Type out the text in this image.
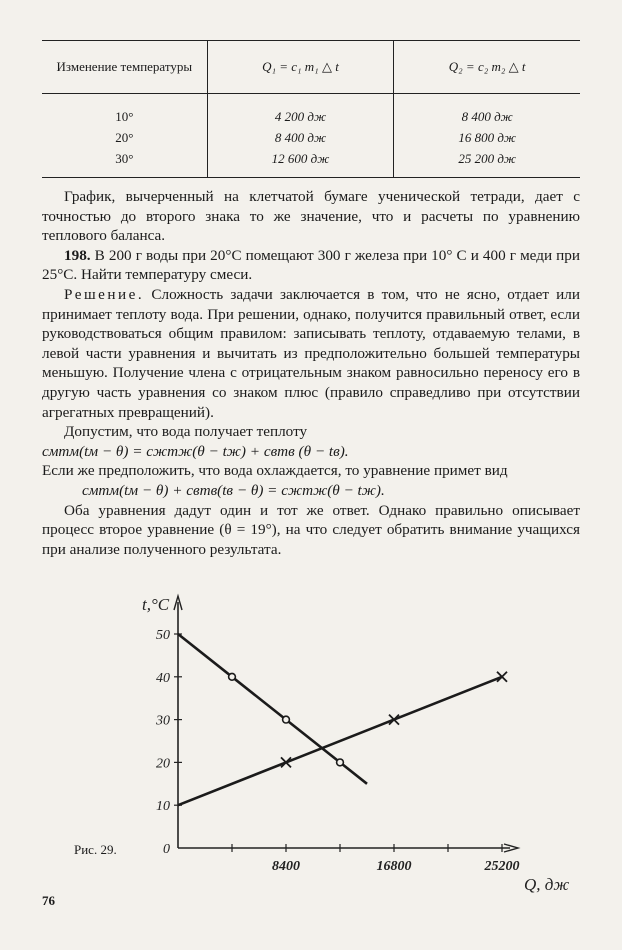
Изменение температуры	Q₁ = c₁ m₁ △ t	Q₂ = c₂ m₂ △ t
10°	4 200 дж	8 400 дж
20°	8 400 дж	16 800 дж
30°	12 600 дж	25 200 дж

График, вычерченный на клетчатой бумаге ученической тетради, дает с точностью до второго знака то же значение, что и расчеты по уравнению теплового баланса.

198. В 200 г воды при 20°C помещают 300 г железа при 10° C и 400 г меди при 25°C. Найти температуру смеси.

Решение. Сложность задачи заключается в том, что не ясно, отдает или принимает теплоту вода. При решении, однако, получится правильный ответ, если руководствоваться общим правилом: записывать теплоту, отдаваемую телами, в левой части уравнения и вычитать из предположительно большей температуры меньшую. Получение члена с отрицательным знаком равносильно переносу его в другую часть уравнения со знаком плюс (правило справедливо при отсутствии агрегатных превращений).

Допустим, что вода получает теплоту

cмmм(tм − θ) = cжmж(θ − tж) + cвmв (θ − tв).

Если же предположить, что вода охлаждается, то уравнение примет вид

cмmм(tм − θ) + cвmв(tв − θ) = cжmж(θ − tж).

Оба уравнения дадут один и тот же ответ. Однако правильно описывает процесс второе уравнение (θ = 19°), на что следует обратить внимание учащихся при анализе полученного результата.

t,°C
Q, дж
0
10
20
30
40
50
8400	16800	25200
Рис. 29.
76
